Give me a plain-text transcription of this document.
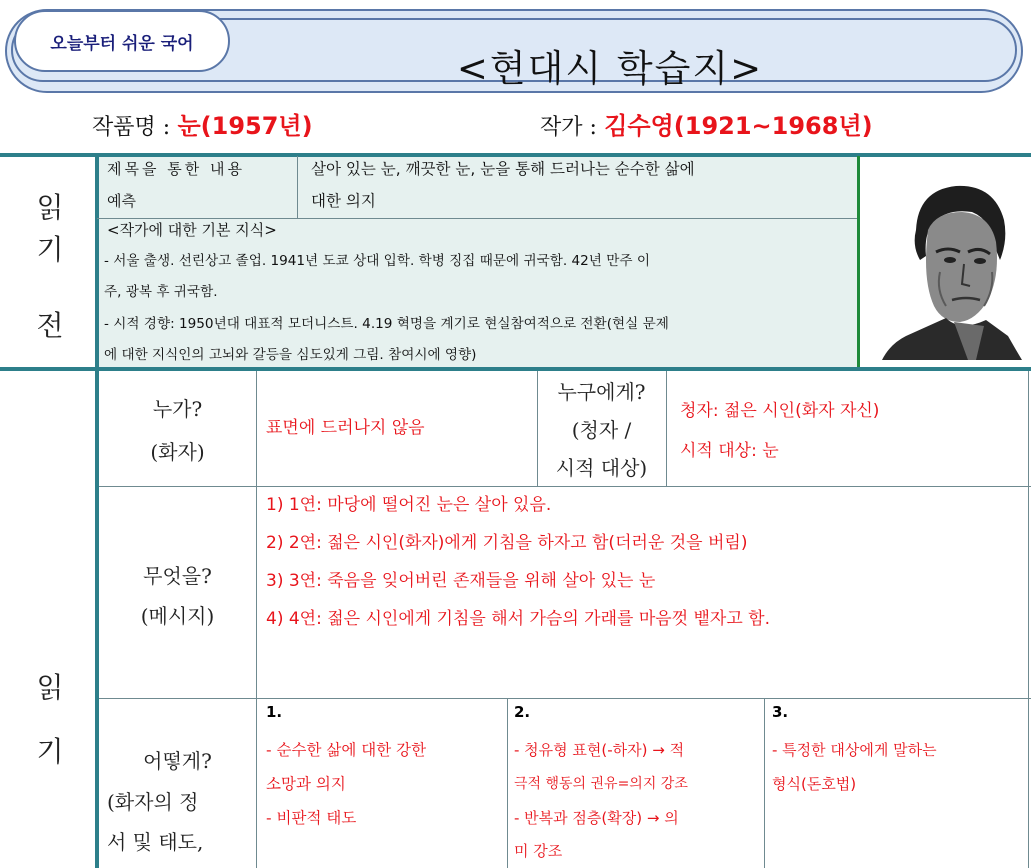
오늘부터 쉬운 국어
<현대시 학습지>
작품명 : 눈(1957년)	작가 : 김수영(1921~1968년)
읽
기
전
제목을 통한 내용
예측
살아 있는 눈, 깨끗한 눈, 눈을 통해 드러나는 순수한 삶에
대한 의지
<작가에 대한 기본 지식>
- 서울 출생. 선린상고 졸업. 1941년 도쿄 상대 입학. 학병 징집 때문에 귀국함. 42년 만주 이
주, 광복 후 귀국함.
- 시적 경향: 1950년대 대표적 모더니스트. 4.19 혁명을 계기로 현실참여적으로 전환(현실 문제
에 대한 지식인의 고뇌와 갈등을 심도있게 그림. 참여시에 영향)
읽
기
누가?
(화자)
표면에 드러나지 않음
누구에게?
(청자 /
시적 대상)
청자: 젊은 시인(화자 자신)
시적 대상: 눈
무엇을?
(메시지)
1) 1연: 마당에 떨어진 눈은 살아 있음.
2) 2연: 젊은 시인(화자)에게 기침을 하자고 함(더러운 것을 버림)
3) 3연: 죽음을 잊어버린 존재들을 위해 살아 있는 눈
4) 4연: 젊은 시인에게 기침을 해서 가슴의 가래를 마음껏 뱉자고 함.
어떻게?
(화자의 정
서 및 태도,
1.
- 순수한 삶에 대한 강한
소망과 의지
- 비판적 태도
2.
- 청유형 표현(-하자) → 적
극적 행동의 권유=의지 강조
- 반복과 점층(확장) → 의
미 강조
3.
- 특정한 대상에게 말하는
형식(돈호법)
